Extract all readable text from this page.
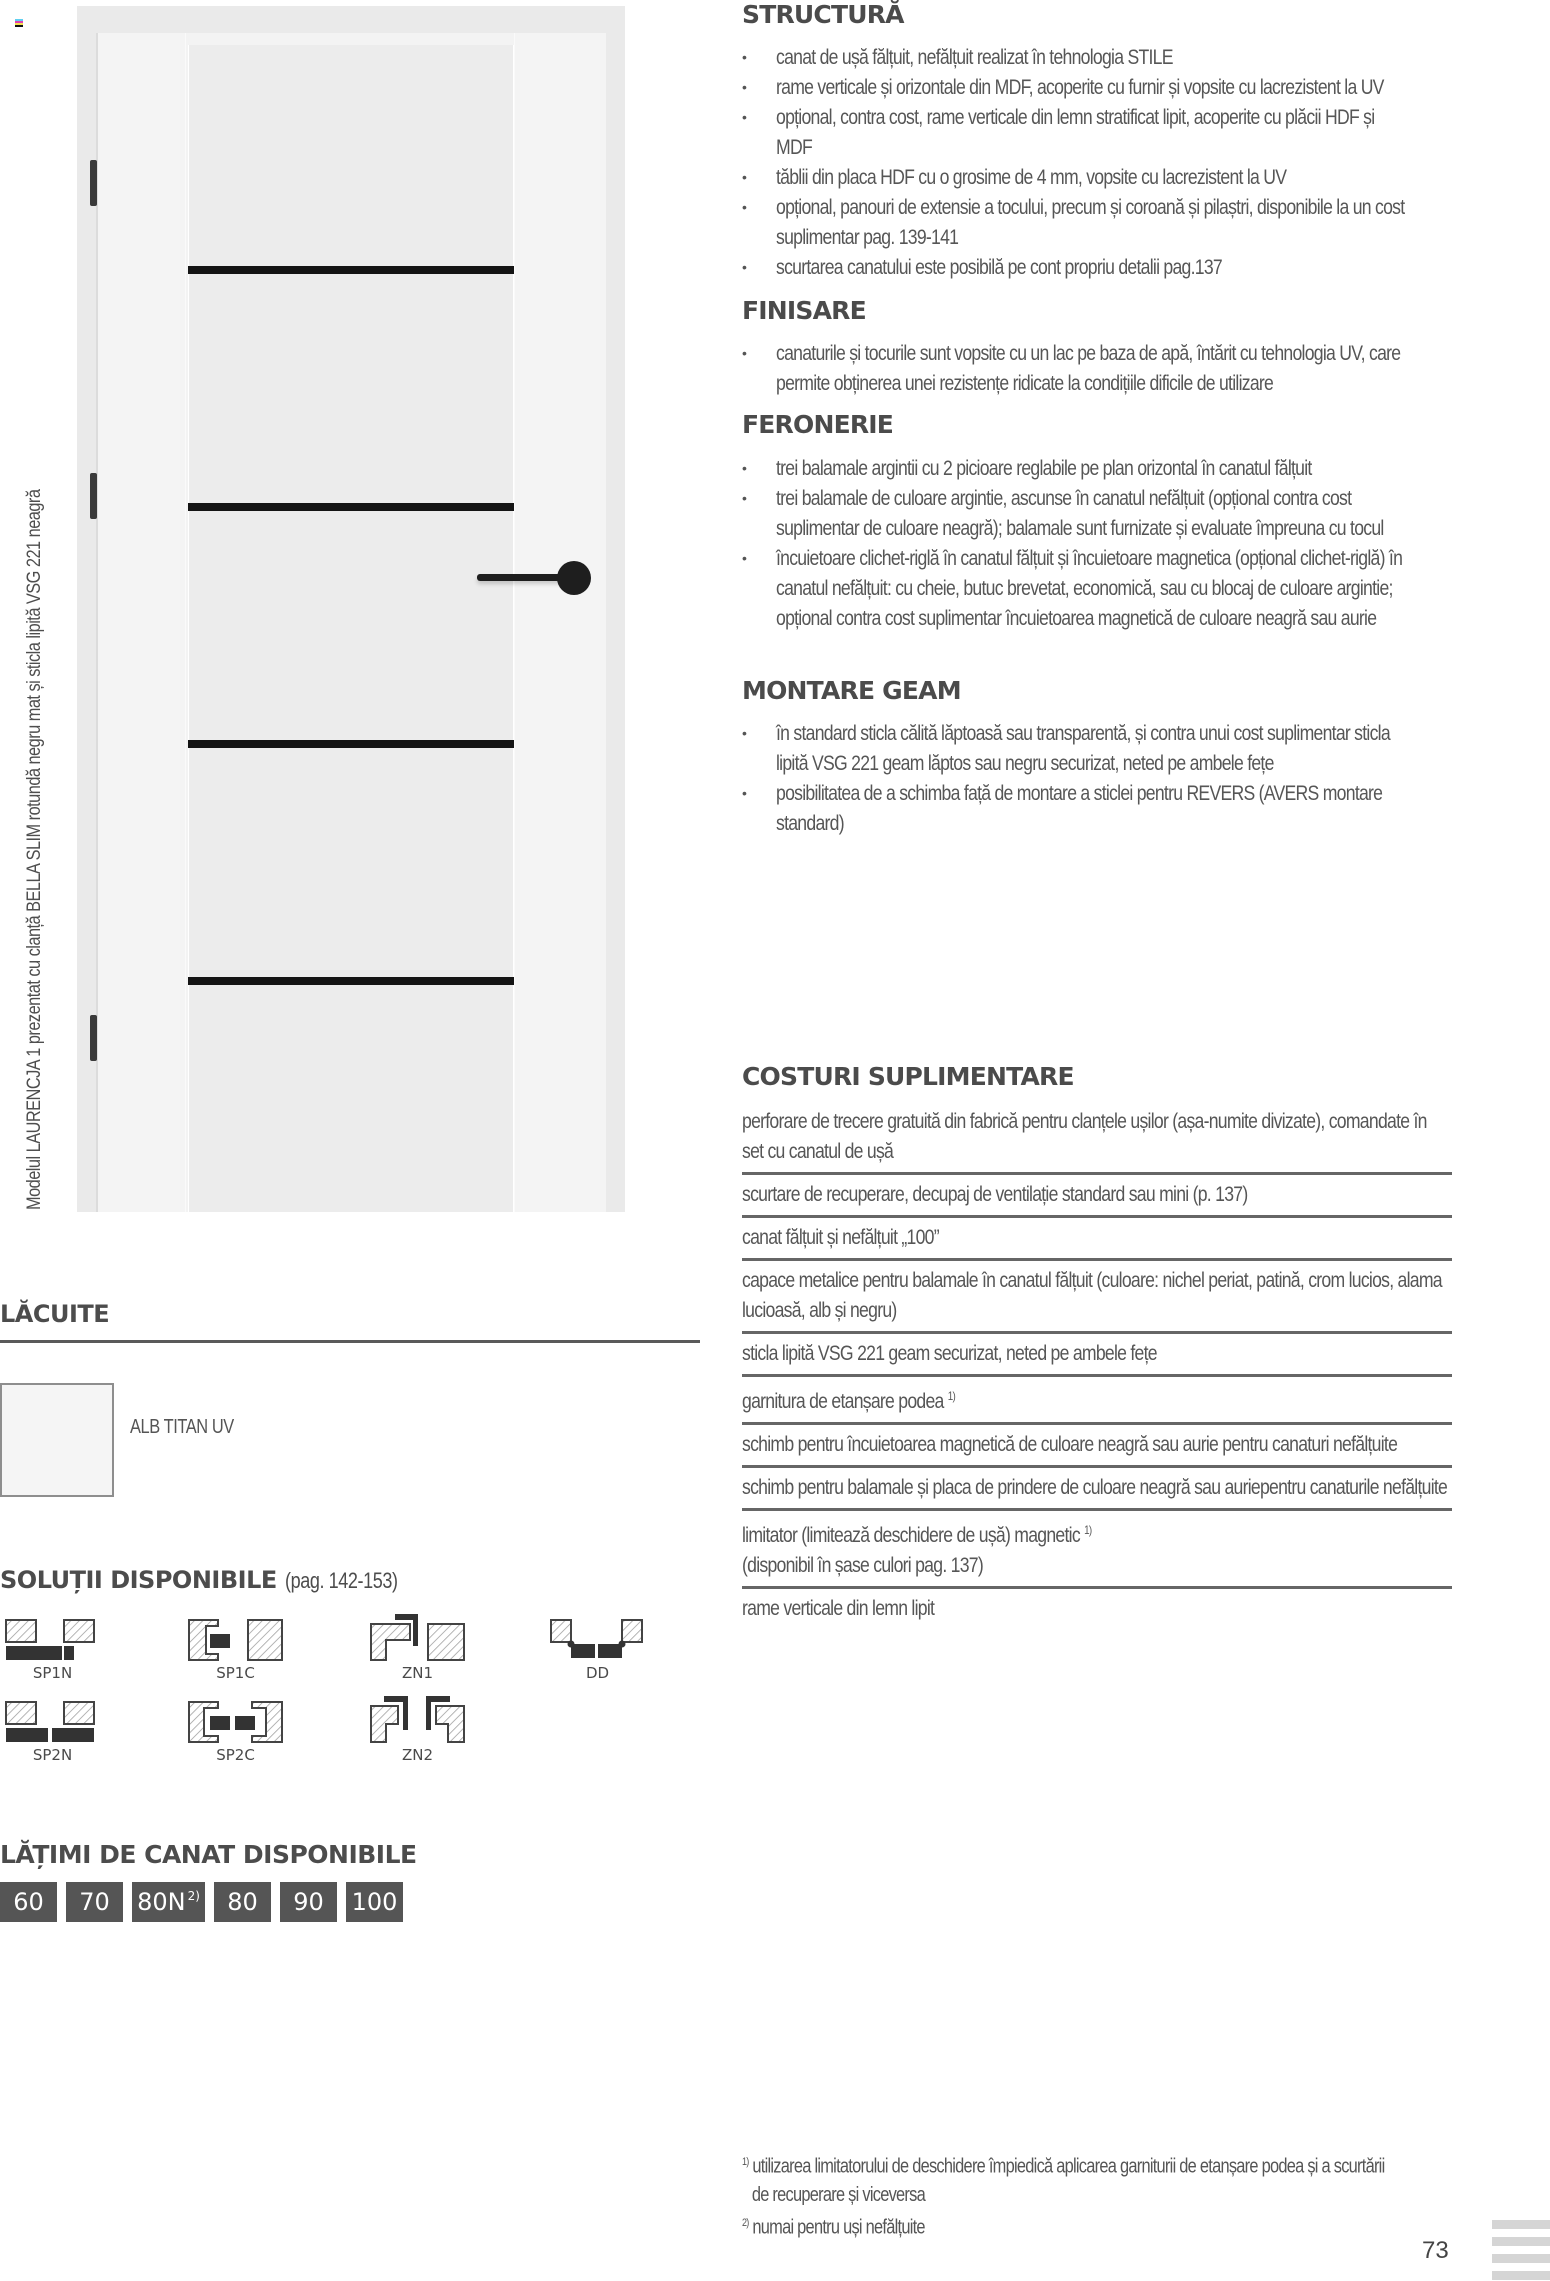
Modelul LAURENCJA 1 prezentat cu clanță BELLA SLIM rotundă negru mat și sticla lipită VSG 221 neagră
LĂCUITE
ALB TITAN UV
SOLUȚII DISPONIBILE (pag. 142-153)
SP1N	SP1C	ZN1	DD
SP2N	SP2C	ZN2
LĂȚIMI DE CANAT DISPONIBILE
60 70 $80N^{2)}$ 80 90 100
STRUCTURĂ
• canat de ușă fălțuit, nefălțuit realizat în tehnologia STILE
• rame verticale și orizontale din MDF, acoperite cu furnir și vopsite cu lacrezistent la UV
• opțional, contra cost, rame verticale din lemn stratificat lipit, acoperite cu plăcii HDF și MDF
• tăblii din placa HDF cu o grosime de 4 mm, vopsite cu lacrezistent la UV
• opțional, panouri de extensie a tocului, precum și coroană și pilaștri, disponibile la un cost suplimentar pag. 139-141
• scurtarea canatului este posibilă pe cont propriu detalii pag.137
FINISARE
• canaturile și tocurile sunt vopsite cu un lac pe baza de apă, întărit cu tehnologia UV, care permite obținerea unei rezistențe ridicate la condițiile dificile de utilizare
FERONERIE
• trei balamale argintii cu 2 picioare reglabile pe plan orizontal în canatul fălțuit
• trei balamale de culoare argintie, ascunse în canatul nefălțuit (opțional contra cost suplimentar de culoare neagră); balamale sunt furnizate și evaluate împreuna cu tocul
• încuietoare clichet-riglă în canatul fălțuit și încuietoare magnetica (opțional clichet-riglă) în canatul nefălțuit: cu cheie, butuc brevetat, economică, sau cu blocaj de culoare argintie; opțional contra cost suplimentar încuietoarea magnetică de culoare neagră sau aurie
MONTARE GEAM
• în standard sticla călită lăptoasă sau transparentă, și contra unui cost suplimentar sticla lipită VSG 221 geam lăptos sau negru securizat, neted pe ambele fețe
• posibilitatea de a schimba față de montare a sticlei pentru REVERS (AVERS montare standard)
COSTURI SUPLIMENTARE
perforare de trecere gratuită din fabrică pentru clanțele ușilor (așa-numite divizate), comandate în set cu canatul de ușă
scurtare de recuperare, decupaj de ventilație standard sau mini (p. 137)
canat fălțuit și nefălțuit „100”
capace metalice pentru balamale în canatul fălțuit (culoare: nichel periat, patină, crom lucios, alama lucioasă, alb și negru)
sticla lipită VSG 221 geam securizat, neted pe ambele fețe
garnitura de etanșare podea $^{1)}$
schimb pentru încuietoarea magnetică de culoare neagră sau aurie pentru canaturi nefălțuite
schimb pentru balamale și placa de prindere de culoare neagră sau auriepentru canaturile nefălțuite
limitator (limitează deschidere de ușă) magnetic $^{1)}$
(disponibil în șase culori pag. 137)
rame verticale din lemn lipit
$^{1)}$ utilizarea limitatorului de deschidere împiedică aplicarea garniturii de etanșare podea și a scurtării
de recuperare și viceversa
$^{2)}$ numai pentru uși nefălțuite
73
